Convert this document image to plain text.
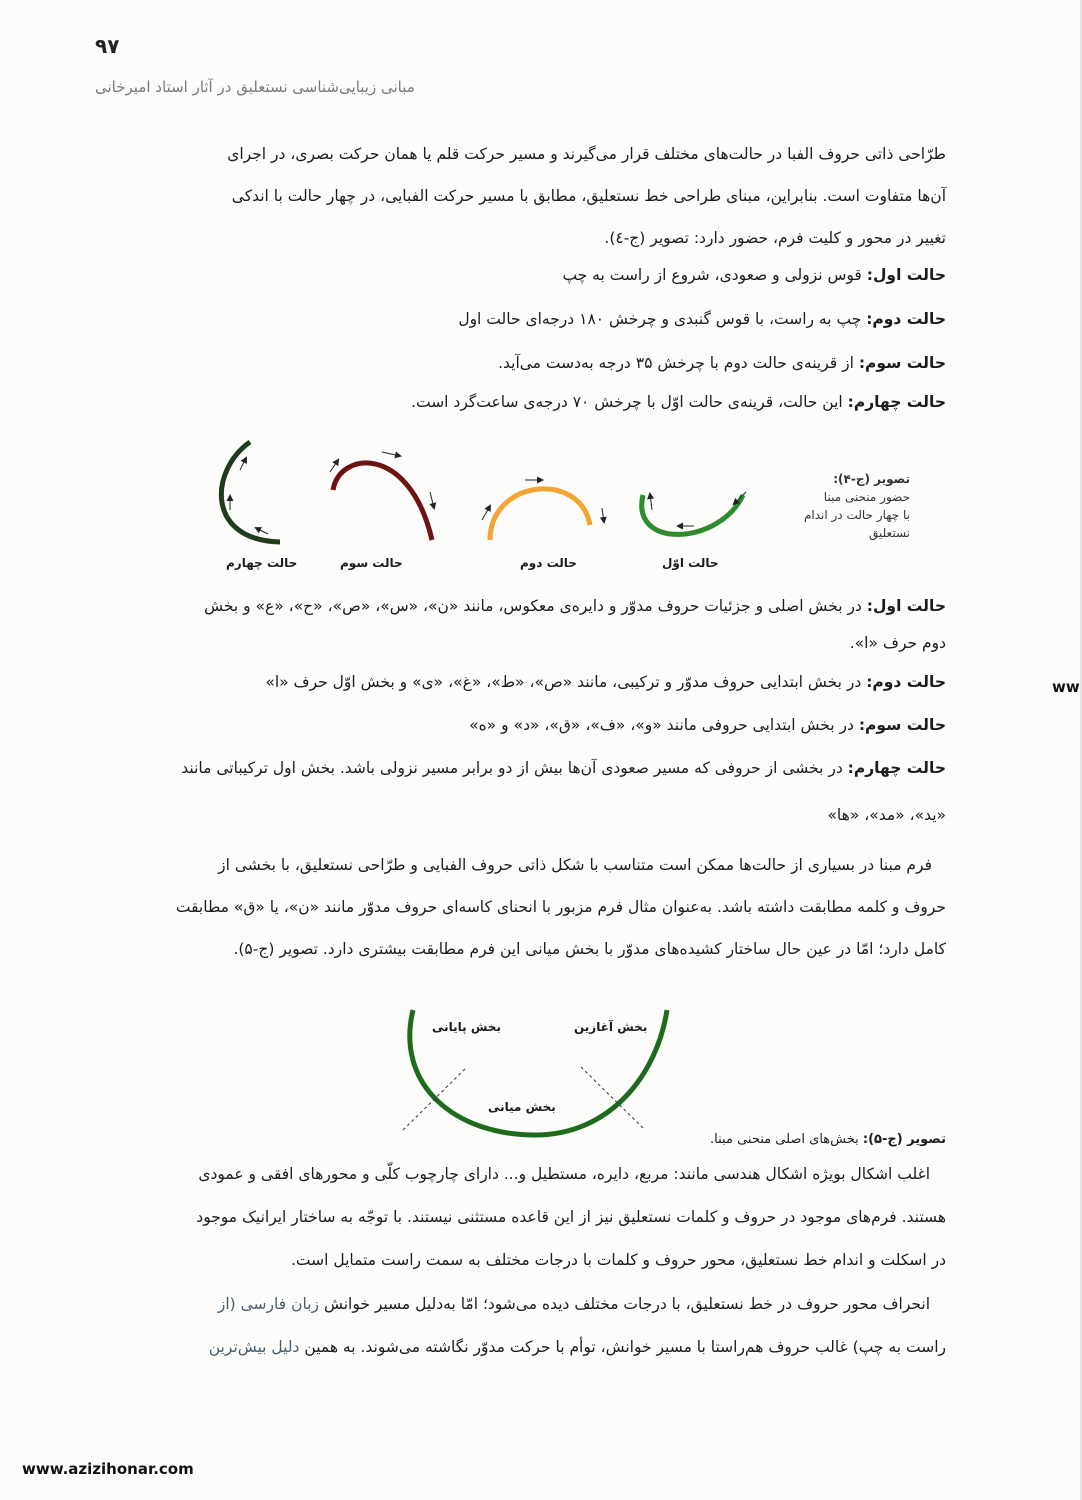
۹۷
مبانی زیبایی‌شناسی نستعلیق در آثار استاد امیرخانی
طرّاحی ذاتی حروف الفبا در حالت‌های مختلف قرار می‌گیرند و مسیر حرکت قلم یا همان حرکت بصری، در اجرای
آن‌ها متفاوت است. بنابراین، مبنای طراحی خط نستعلیق، مطابق با مسیر حرکت الفبایی، در چهار حالت با اندکی
تغییر در محور و کلیت فرم، حضور دارد: تصویر (ج-٤).
حالت اول: قوس نزولی و صعودی، شروع از راست به چپ
حالت دوم: چپ به راست، با قوس گنبدی و چرخش ۱۸۰ درجه‌ای حالت اول
حالت سوم: از قرینه‌ی حالت دوم با چرخش ۳۵ درجه به‌دست می‌آید.
حالت چهارم: این حالت، قرینه‌ی حالت اوّل با چرخش ۷۰ درجه‌ی ساعت‌گرد است.
حالت چهارم	حالت سوم	حالت دوم	حالت اوّل
تصویر (ج-۴):
حضور منحنی مبنا
با چهار حالت در اندام
نستعلیق
حالت اول: در بخش اصلی و جزئیات حروف مدوّر و دایره‌ی معکوس، مانند «ن»، «س»، «ص»، «ح»، «ع» و بخش
دوم حرف «ا».
حالت دوم: در بخش ابتدایی حروف مدوّر و ترکیبی، مانند «ص»، «ط»، «غ»، «ی» و بخش اوّل حرف «ا»
حالت سوم: در بخش ابتدایی حروفی مانند «و»، «ف»، «ق»، «د» و «ه»
حالت چهارم: در بخشی از حروفی که مسیر صعودی آن‌ها بیش از دو برابر مسیر نزولی باشد. بخش اول ترکیباتی مانند
«ید»، «مد»، «ها»
فرم مبنا در بسیاری از حالت‌ها ممکن است متناسب با شکل ذاتی حروف الفبایی و طرّاحی نستعلیق، با بخشی از
حروف و کلمه مطابقت داشته باشد. به‌عنوان مثال فرم مزبور با انحنای کاسه‌ای حروف مدوّر مانند «ن»، یا «ق» مطابقت
کامل دارد؛ امّا در عین حال ساختار کشیده‌های مدوّر با بخش میانی این فرم مطابقت بیشتری دارد. تصویر (ج-۵).
بخش آغازین
بخش پایانی
بخش میانی
تصویر (ج-۵): بخش‌های اصلی منحنی مبنا.
اغلب اشکال بویژه اشکال هندسی مانند: مربع، دایره، مستطیل و... دارای چارچوب کلّی و محورهای افقی و عمودی
هستند. فرم‌های موجود در حروف و کلمات نستعلیق نیز از این قاعده مستثنی نیستند. با توجّه به ساختار ایرانیک موجود
در اسکلت و اندام خط نستعلیق، محور حروف و کلمات با درجات مختلف به سمت راست متمایل است.
انحراف محور حروف در خط نستعلیق، با درجات مختلف دیده می‌شود؛ امّا به‌دلیل مسیر خوانش زبان فارسی (از
راست به چپ) غالب حروف هم‌راستا با مسیر خوانش، توأم با حرکت مدوّر نگاشته می‌شوند. به همین دلیل بیش‌ترین
ww
www.azizihonar.com
